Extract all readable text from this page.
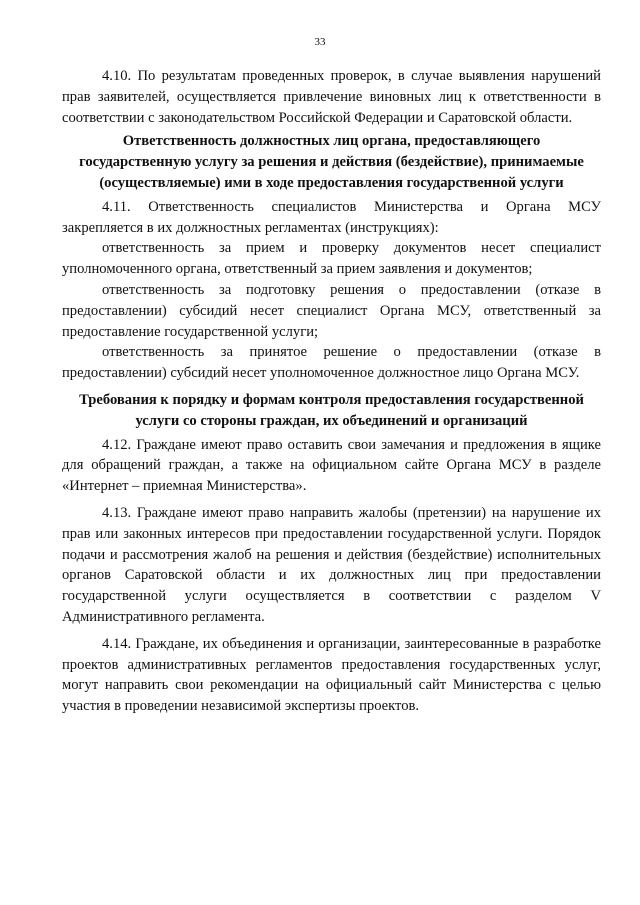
33

4.10. По результатам проведенных проверок, в случае выявления нарушений прав заявителей, осуществляется привлечение виновных лиц к ответственности в соответствии с законодательством Российской Федерации и Саратовской области.

Ответственность должностных лиц органа, предоставляющего государственную услугу за решения и действия (бездействие), принимаемые (осуществляемые) ими в ходе предоставления государственной услуги

4.11. Ответственность специалистов Министерства и Органа МСУ закрепляется в их должностных регламентах (инструкциях):

ответственность за прием и проверку документов несет специалист уполномоченного органа, ответственный за прием заявления и документов;

ответственность за подготовку решения о предоставлении (отказе в предоставлении) субсидий несет специалист Органа МСУ, ответственный за предоставление государственной услуги;

ответственность за принятое решение о предоставлении (отказе в предоставлении) субсидий несет уполномоченное должностное лицо Органа МСУ.

Требования к порядку и формам контроля предоставления государственной услуги со стороны граждан, их объединений и организаций

4.12. Граждане имеют право оставить свои замечания и предложения в ящике для обращений граждан, а также на официальном сайте Органа МСУ в разделе «Интернет – приемная Министерства».

4.13. Граждане имеют право направить жалобы (претензии) на нарушение их прав или законных интересов при предоставлении государственной услуги. Порядок подачи и рассмотрения жалоб на решения и действия (бездействие) исполнительных органов Саратовской области и их должностных лиц при предоставлении государственной услуги осуществляется в соответствии с разделом V Административного регламента.

4.14. Граждане, их объединения и организации, заинтересованные в разработке проектов административных регламентов предоставления государственных услуг, могут направить свои рекомендации на официальный сайт Министерства с целью участия в проведении независимой экспертизы проектов.
